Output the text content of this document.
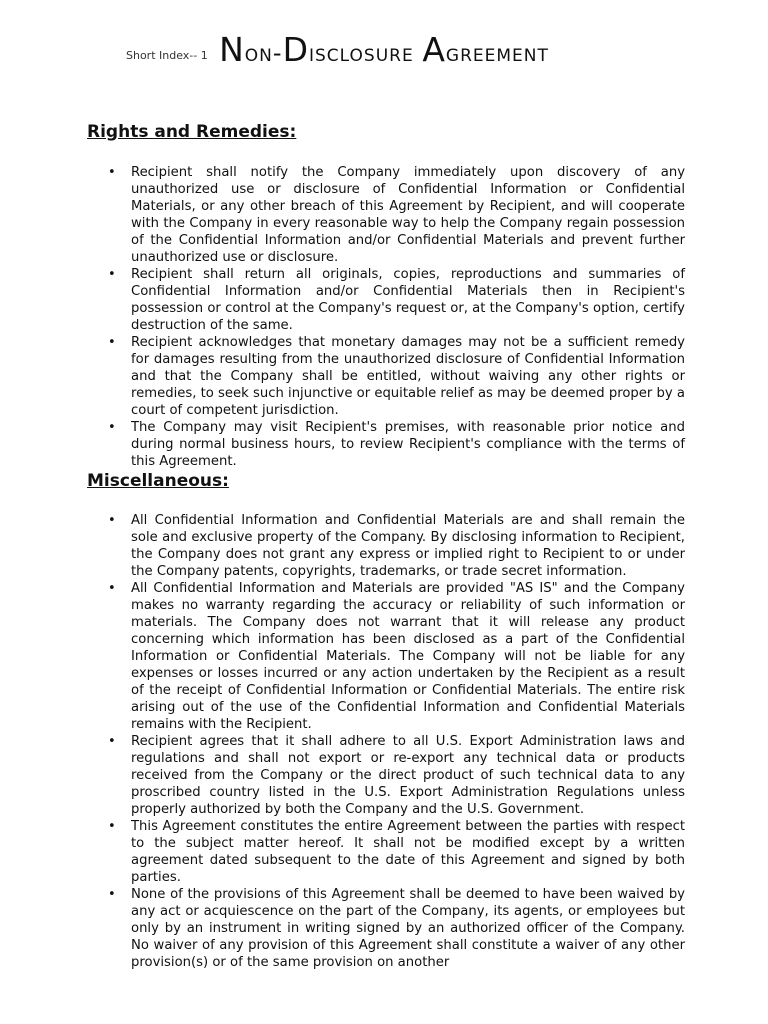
Non-Disclosure Agreement
Short Index-- 1
Rights and Remedies:
• Recipient shall notify the Company immediately upon discovery of any unauthorized use or disclosure of Confidential Information or Confidential Materials, or any other breach of this Agreement by Recipient, and will cooperate with the Company in every reasonable way to help the Company regain possession of the Confidential Information and/or Confidential Materials and prevent further unauthorized use or disclosure.
• Recipient shall return all originals, copies, reproductions and summaries of Confidential Information and/or Confidential Materials then in Recipient's possession or control at the Company's request or, at the Company's option, certify destruction of the same.
• Recipient acknowledges that monetary damages may not be a sufficient remedy for damages resulting from the unauthorized disclosure of Confidential Information and that the Company shall be entitled, without waiving any other rights or remedies, to seek such injunctive or equitable relief as may be deemed proper by a court of competent jurisdiction.
• The Company may visit Recipient's premises, with reasonable prior notice and during normal business hours, to review Recipient's compliance with the terms of this Agreement.
Miscellaneous:
• All Confidential Information and Confidential Materials are and shall remain the sole and exclusive property of the Company. By disclosing information to Recipient, the Company does not grant any express or implied right to Recipient to or under the Company patents, copyrights, trademarks, or trade secret information.
• All Confidential Information and Materials are provided "AS IS" and the Company makes no warranty regarding the accuracy or reliability of such information or materials. The Company does not warrant that it will release any product concerning which information has been disclosed as a part of the Confidential Information or Confidential Materials. The Company will not be liable for any expenses or losses incurred or any action undertaken by the Recipient as a result of the receipt of Confidential Information or Confidential Materials. The entire risk arising out of the use of the Confidential Information and Confidential Materials remains with the Recipient.
• Recipient agrees that it shall adhere to all U.S. Export Administration laws and regulations and shall not export or re-export any technical data or products received from the Company or the direct product of such technical data to any proscribed country listed in the U.S. Export Administration Regulations unless properly authorized by both the Company and the U.S. Government.
• This Agreement constitutes the entire Agreement between the parties with respect to the subject matter hereof. It shall not be modified except by a written agreement dated subsequent to the date of this Agreement and signed by both parties.
• None of the provisions of this Agreement shall be deemed to have been waived by any act or acquiescence on the part of the Company, its agents, or employees but only by an instrument in writing signed by an authorized officer of the Company. No waiver of any provision of this Agreement shall constitute a waiver of any other provision(s) or of the same provision on another
